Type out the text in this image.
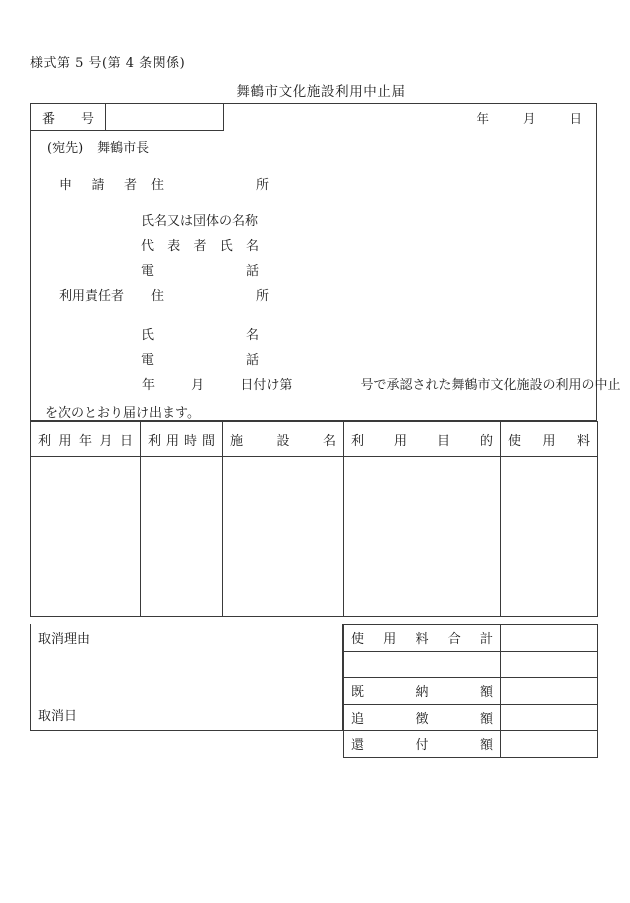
様式第 5 号(第 4 条関係)
舞鶴市文化施設利用中止届
番 号	年	月	日
(宛先) 舞鶴市長
申 請 者 住	所
氏名又は団体の名称
代 表 者 氏 名
電	話
利用責任者	住	所
氏	名
電	話
年	月	日付け第	号で承認された舞鶴市文化施設の利用の中止
を次のとおり届け出ます。
利 用 年 月 日	利 用 時 間	施 設 名	利 用 目 的	使 用 料

取消理由
取消日
使 用 料 合 計	

既 納 額	

追 徴 額	

還 付 額	
